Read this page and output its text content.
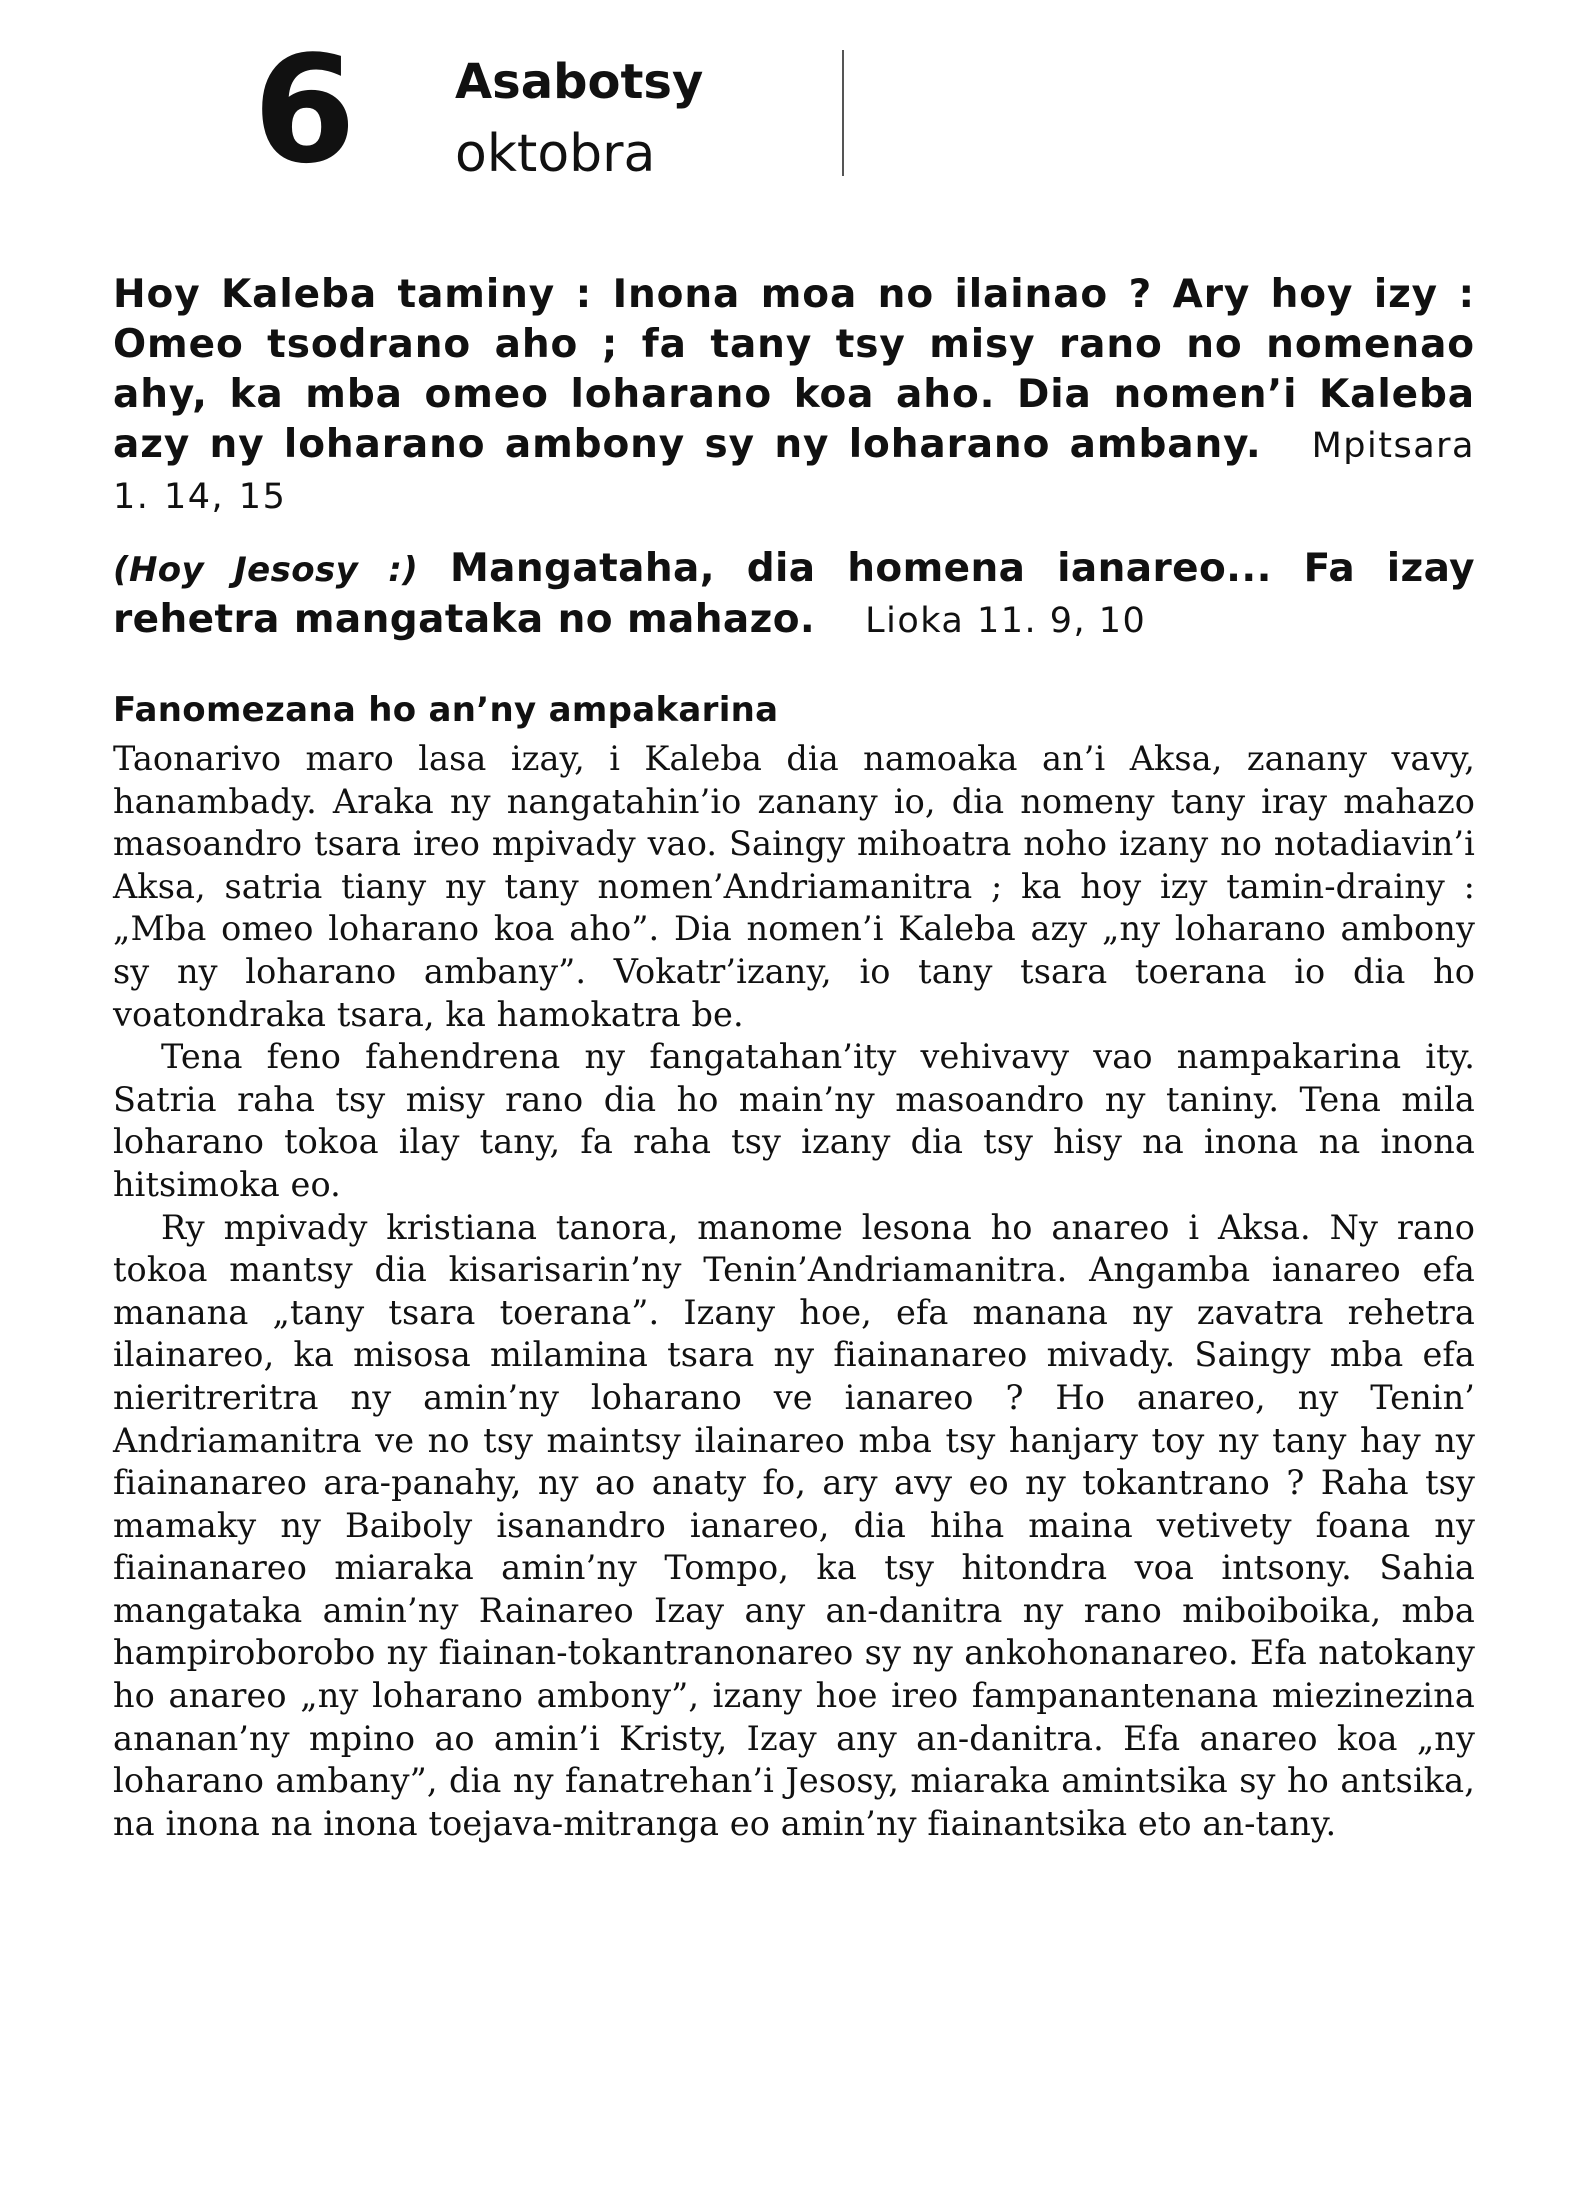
6 Asabotsy
oktobra

Hoy Kaleba taminy : Inona moa no ilainao ? Ary hoy izy : Omeo tsodrano aho ; fa tany tsy misy rano no nomenao ahy, ka mba omeo loharano koa aho. Dia nomen’i Kaleba azy ny loharano ambony sy ny loharano ambany. Mpitsara 1. 14, 15

(Hoy Jesosy :) Mangataha, dia homena ianareo... Fa izay rehetra mangataka no mahazo. Lioka 11. 9, 10

Fanomezana ho an’ny ampakarina

Taonarivo maro lasa izay, i Kaleba dia namoaka an’i Aksa, zanany vavy, hanambady. Araka ny nangatahin’io zanany io, dia nomeny tany iray mahazo masoandro tsara ireo mpivady vao. Saingy mihoatra noho izany no notadiavin’i Aksa, satria tiany ny tany nomen’Andriamanitra ; ka hoy izy tamin-drainy : „Mba omeo loharano koa aho”. Dia nomen’i Kaleba azy „ny loharano ambony sy ny loharano ambany”. Vokatr’izany, io tany tsara toerana io dia ho voatondraka tsara, ka hamokatra be.

Tena feno fahendrena ny fangatahan’ity vehivavy vao nampakarina ity. Satria raha tsy misy rano dia ho main’ny masoandro ny taniny. Tena mila loharano tokoa ilay tany, fa raha tsy izany dia tsy hisy na inona na inona hitsimoka eo.

Ry mpivady kristiana tanora, manome lesona ho anareo i Aksa. Ny rano tokoa mantsy dia kisarisarin’ny Tenin’Andriamanitra. Angamba ianareo efa manana „tany tsara toerana”. Izany hoe, efa manana ny zavatra rehetra ilainareo, ka misosa milamina tsara ny fiainanareo mivady. Saingy mba efa nieritreritra ny amin’ny loharano ve ianareo ? Ho anareo, ny Tenin’ Andriamanitra ve no tsy maintsy ilainareo mba tsy hanjary toy ny tany hay ny fiainanareo ara-panahy, ny ao anaty fo, ary avy eo ny tokantrano ? Raha tsy mamaky ny Baiboly isanandro ianareo, dia hiha maina vetivety foana ny fiainanareo miaraka amin’ny Tompo, ka tsy hitondra voa intsony. Sahia mangataka amin’ny Rainareo Izay any an-danitra ny rano miboiboika, mba hampiroborobo ny fiainan-tokantranonareo sy ny ankohonanareo. Efa natokany ho anareo „ny loharano ambony”, izany hoe ireo fampanantenana miezinezina ananan’ny mpino ao amin’i Kristy, Izay any an-danitra. Efa anareo koa „ny loharano ambany”, dia ny fanatrehan’i Jesosy, miaraka amintsika sy ho antsika, na inona na inona toejava-mitranga eo amin’ny fiainantsika eto an-tany.
